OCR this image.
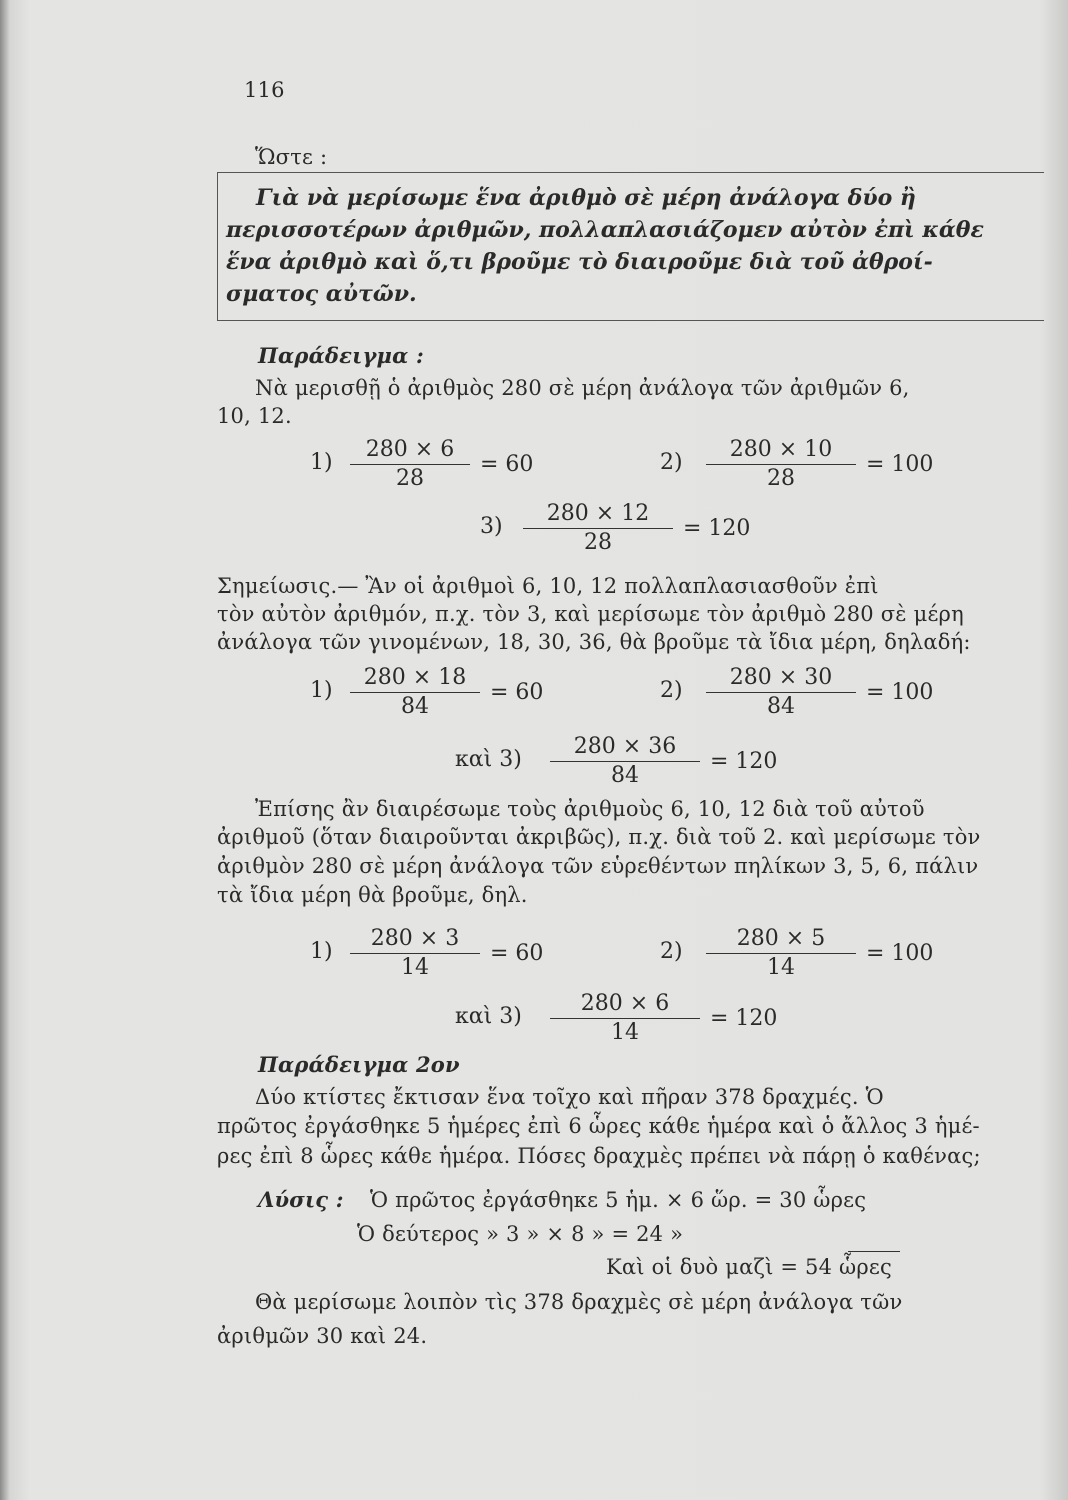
116
Ὥστε :
Γιὰ νὰ μερίσωμε ἕνα ἀριθμὸ σὲ μέρη ἀνάλογα δύο ἢ
περισσοτέρων ἀριθμῶν, πολλαπλασιάζομεν αὐτὸν ἐπὶ κάθε
ἕνα ἀριθμὸ καὶ ὅ,τι βροῦμε τὸ διαιροῦμε διὰ τοῦ ἀθροί-
σματος αὐτῶν.
Παράδειγμα :
Νὰ μερισθῇ ὁ ἀριθμὸς 280 σὲ μέρη ἀνάλογα τῶν ἀριθμῶν 6,
10, 12.
1)
280 × 6
28
= 60	2)
280 × 10
28
= 100
3)
280 × 12
28
= 120
1)
280 × 18
84
= 60	2)
280 × 30
84
= 100
καὶ 3)
280 × 36
84
= 120
1)
280 × 3
14
= 60	2)
280 × 5
14
= 100
καὶ 3)
280 × 6
14
= 120
Σημείωσις.— Ἂν οἱ ἀριθμοὶ 6, 10, 12 πολλαπλασιασθοῦν ἐπὶ
τὸν αὐτὸν ἀριθμόν, π.χ. τὸν 3, καὶ μερίσωμε τὸν ἀριθμὸ 280 σὲ μέρη
ἀνάλογα τῶν γινομένων, 18, 30, 36, θὰ βροῦμε τὰ ἴδια μέρη, δηλαδή:
Ἐπίσης ἂν διαιρέσωμε τοὺς ἀριθμοὺς 6, 10, 12 διὰ τοῦ αὐτοῦ
ἀριθμοῦ (ὅταν διαιροῦνται ἀκριβῶς), π.χ. διὰ τοῦ 2. καὶ μερίσωμε τὸν
ἀριθμὸν 280 σὲ μέρη ἀνάλογα τῶν εὑρεθέντων πηλίκων 3, 5, 6, πάλιν
τὰ ἴδια μέρη θὰ βροῦμε, δηλ.
Παράδειγμα 2ον
Δύο κτίστες ἔκτισαν ἕνα τοῖχο καὶ πῆραν 378 δραχμές. Ὁ
πρῶτος ἐργάσθηκε 5 ἡμέρες ἐπὶ 6 ὧρες κάθε ἡμέρα καὶ ὁ ἄλλος 3 ἡμέ-
ρες ἐπὶ 8 ὧρες κάθε ἡμέρα. Πόσες δραχμὲς πρέπει νὰ πάρῃ ὁ καθένας;
Λύσις : Ὁ πρῶτος ἐργάσθηκε 5 ἡμ. × 6 ὥρ. = 30 ὧρες
Ὁ δεύτερος » 3 » × 8 » = 24 »
Καὶ οἱ δυὸ μαζὶ = 54 ὧρες
Θὰ μερίσωμε λοιπὸν τὶς 378 δραχμὲς σὲ μέρη ἀνάλογα τῶν
ἀριθμῶν 30 καὶ 24.
